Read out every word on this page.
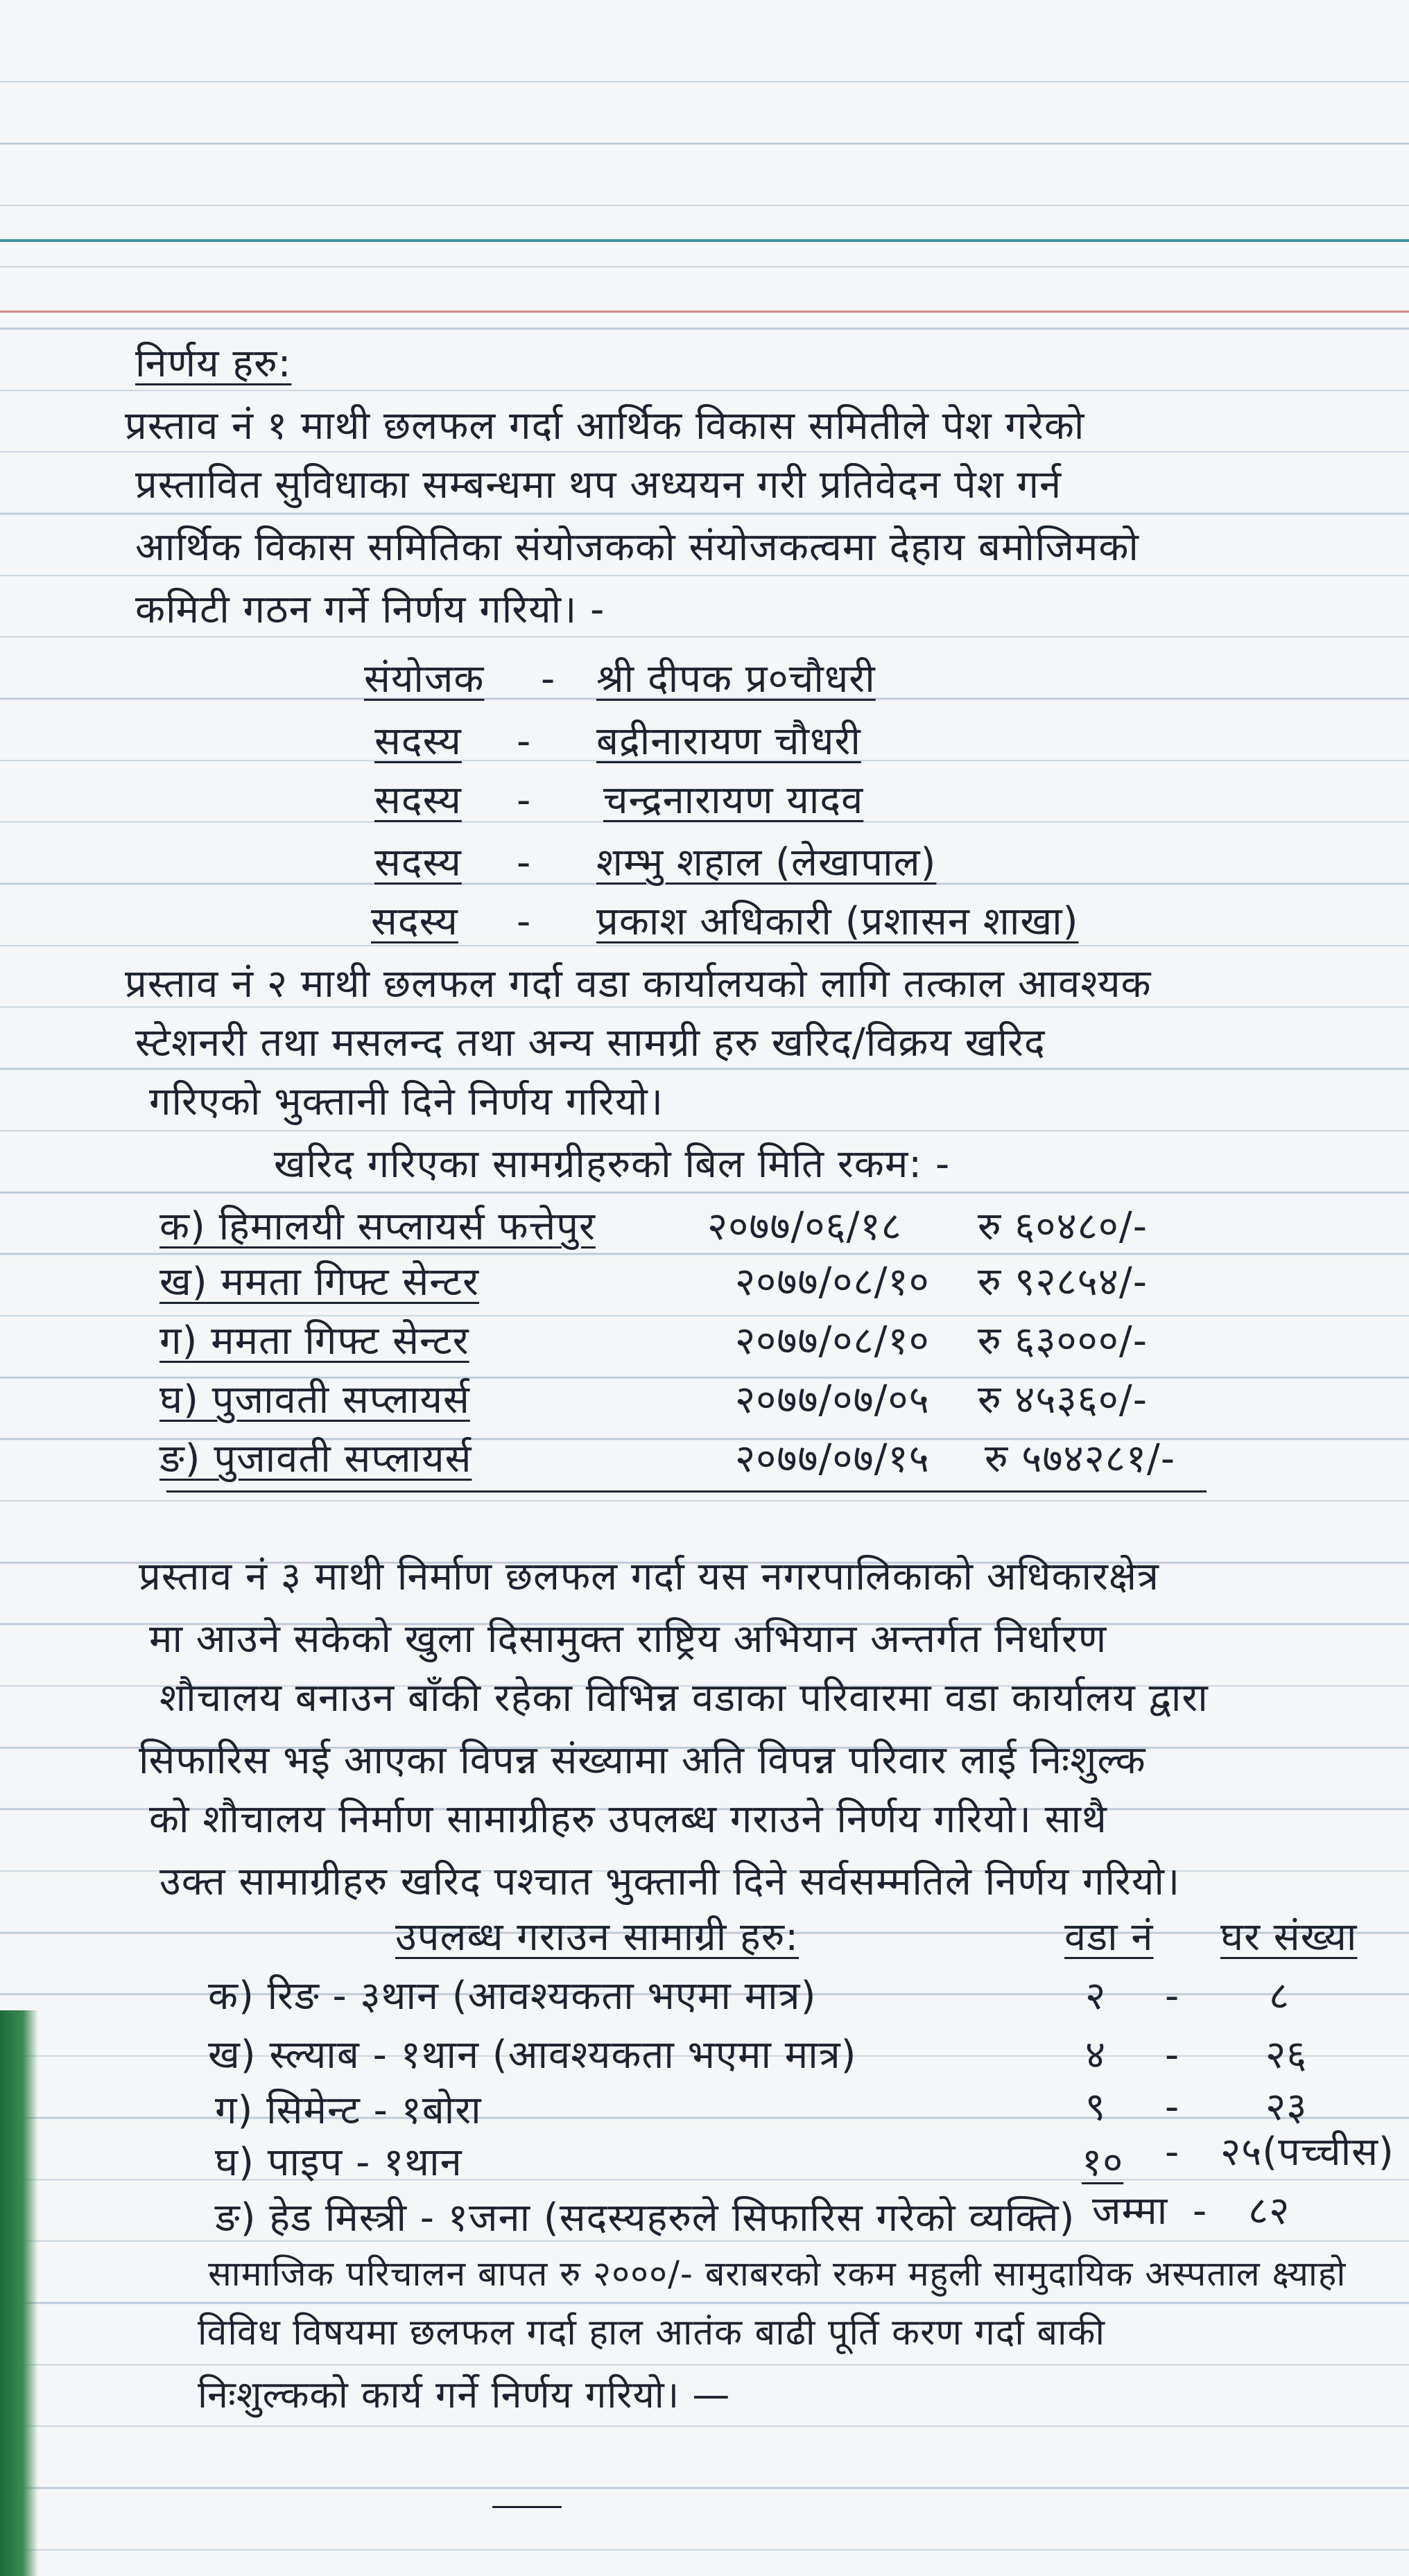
निर्णय हरु:
प्रस्ताव नं १ माथी छलफल गर्दा आर्थिक विकास समितीले पेश गरेको
प्रस्तावित सुविधाका सम्बन्धमा थप अध्ययन गरी प्रतिवेदन पेश गर्न
आर्थिक विकास समितिका संयोजकको संयोजकत्वमा देहाय बमोजिमको
कमिटी गठन गर्ने निर्णय गरियो। -
संयोजक - श्री दीपक प्र०चौधरी
सदस्य - बद्रीनारायण चौधरी
सदस्य - चन्द्रनारायण यादव
सदस्य - शम्भु शहाल (लेखापाल)
सदस्य - प्रकाश अधिकारी (प्रशासन शाखा)
प्रस्ताव नं २ माथी छलफल गर्दा वडा कार्यालयको लागि तत्काल आवश्यक
स्टेशनरी तथा मसलन्द तथा अन्य सामग्री हरु खरिद/विक्रय खरिद
गरिएको भुक्तानी दिने निर्णय गरियो।
खरिद गरिएका सामग्रीहरुको बिल मिति रकम: -
क) हिमालयी सप्लायर्स फत्तेपुर	२०७७/०६/१८ रु ६०४८०/-
ख) ममता गिफ्ट सेन्टर	२०७७/०८/१० रु ९२८५४/-
ग) ममता गिफ्ट सेन्टर	२०७७/०८/१० रु ६३०००/-
घ) पुजावती सप्लायर्स	२०७७/०७/०५ रु ४५३६०/-
ङ) पुजावती सप्लायर्स	२०७७/०७/१५ रु ५७४२८१/-
प्रस्ताव नं ३ माथी निर्माण छलफल गर्दा यस नगरपालिकाको अधिकारक्षेत्र
मा आउने सकेको खुला दिसामुक्त राष्ट्रिय अभियान अन्तर्गत निर्धारण
शौचालय बनाउन बाँकी रहेका विभिन्न वडाका परिवारमा वडा कार्यालय द्वारा
सिफारिस भई आएका विपन्न संख्यामा अति विपन्न परिवार लाई निःशुल्क
को शौचालय निर्माण सामाग्रीहरु उपलब्ध गराउने निर्णय गरियो। साथै
उक्त सामाग्रीहरु खरिद पश्चात भुक्तानी दिने सर्वसम्मतिले निर्णय गरियो।
उपलब्ध गराउन सामाग्री हरु:	वडा नं घर संख्या
क) रिङ - ३थान (आवश्यकता भएमा मात्र)	२ - ८
ख) स्ल्याब - १थान (आवश्यकता भएमा मात्र)	४ - २६
ग) सिमेन्ट - १बोरा	९ - २३
घ) पाइप - १थान	१० - २५(पच्चीस)
ङ) हेड मिस्त्री - १जना (सदस्यहरुले सिफारिस गरेको व्यक्ति) जम्मा - ८२
सामाजिक परिचालन बापत रु २०००/- बराबरको रकम महुली सामुदायिक अस्पताल क्ष्याहो
विविध विषयमा छलफल गर्दा हाल आतंक बाढी पूर्ति करण गर्दा बाकी
निःशुल्कको कार्य गर्ने निर्णय गरियो। —
